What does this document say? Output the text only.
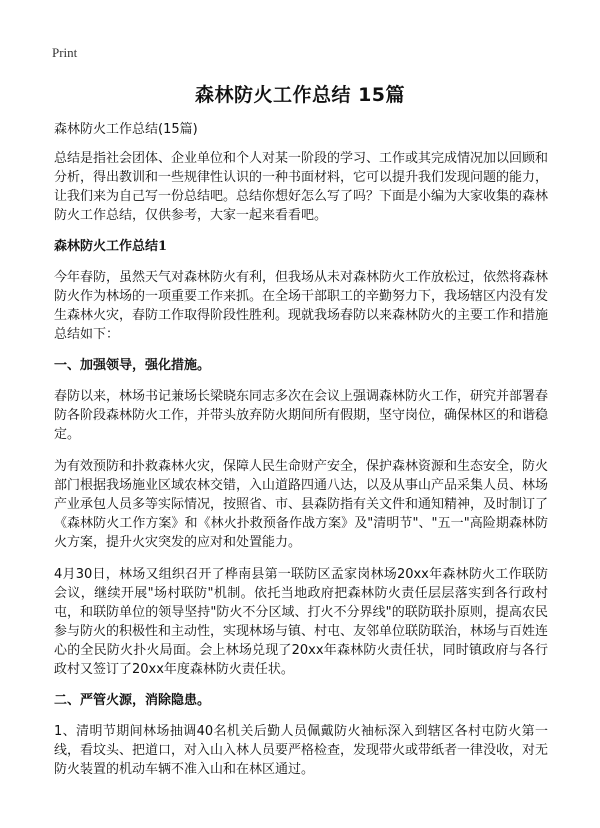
Print
森林防火工作总结 15篇
森林防火工作总结(15篇)

总结是指社会团体、企业单位和个人对某一阶段的学习、工作或其完成情况加以回顾和分析，得出教训和一些规律性认识的一种书面材料，它可以提升我们发现问题的能力，让我们来为自己写一份总结吧。总结你想好怎么写了吗？下面是小编为大家收集的森林防火工作总结，仅供参考，大家一起来看看吧。

森林防火工作总结1

今年春防，虽然天气对森林防火有利，但我场从未对森林防火工作放松过，依然将森林防火作为林场的一项重要工作来抓。在全场干部职工的辛勤努力下，我场辖区内没有发生森林火灾，春防工作取得阶段性胜利。现就我场春防以来森林防火的主要工作和措施总结如下：

一、加强领导，强化措施。

春防以来，林场书记兼场长梁晓东同志多次在会议上强调森林防火工作，研究并部署春防各阶段森林防火工作，并带头放弃防火期间所有假期，坚守岗位，确保林区的和谐稳定。

为有效预防和扑救森林火灾，保障人民生命财产安全，保护森林资源和生态安全，防火部门根据我场施业区域农林交错，入山道路四通八达，以及从事山产品采集人员、林场产业承包人员多等实际情况，按照省、市、县森防指有关文件和通知精神，及时制订了《森林防火工作方案》和《林火扑救预备作战方案》及"清明节"、"五一"高险期森林防火方案，提升火灾突发的应对和处置能力。

4月30日，林场又组织召开了桦南县第一联防区孟家岗林场20xx年森林防火工作联防会议，继续开展"场村联防"机制。依托当地政府把森林防火责任层层落实到各行政村屯，和联防单位的领导坚持"防火不分区域、打火不分界线"的联防联扑原则，提高农民参与防火的积极性和主动性，实现林场与镇、村屯、友邻单位联防联治，林场与百姓连心的全民防火扑火局面。会上林场兑现了20xx年森林防火责任状，同时镇政府与各行政村又签订了20xx年度森林防火责任状。

二、严管火源，消除隐患。

1、清明节期间林场抽调40名机关后勤人员佩戴防火袖标深入到辖区各村屯防火第一线，看坟头、把道口，对入山入林人员要严格检查，发现带火或带纸者一律没收，对无防火装置的机动车辆不准入山和在林区通过。
